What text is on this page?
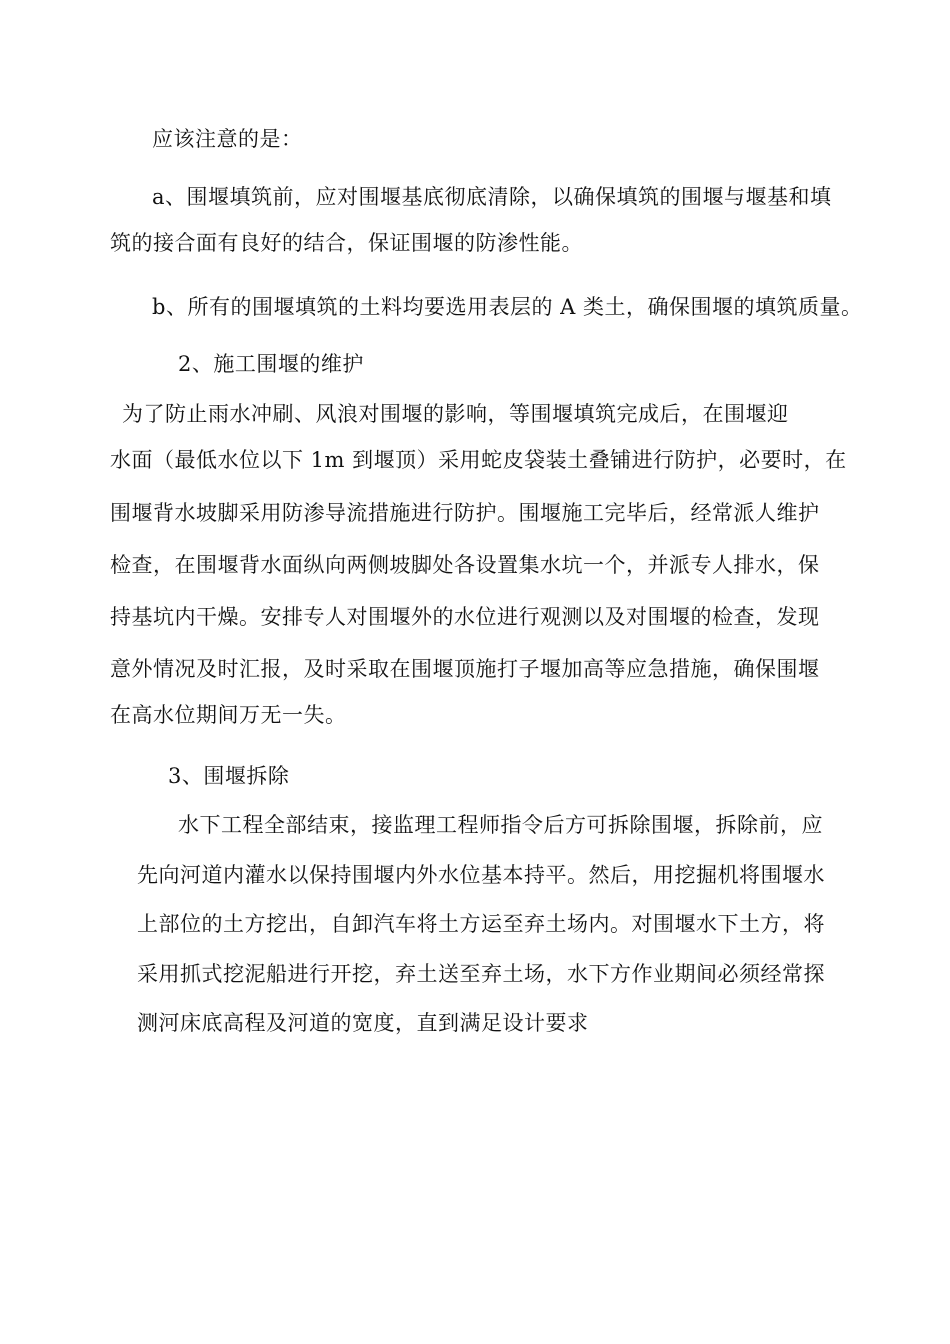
应该注意的是：
a、围堰填筑前，应对围堰基底彻底清除，以确保填筑的围堰与堰基和填
筑的接合面有良好的结合，保证围堰的防渗性能。
b、所有的围堰填筑的土料均要选用表层的 A 类土，确保围堰的填筑质量。
2、施工围堰的维护
为了防止雨水冲刷、风浪对围堰的影响，等围堰填筑完成后，在围堰迎
水面（最低水位以下 1m 到堰顶）采用蛇皮袋装土叠铺进行防护，必要时，在
围堰背水坡脚采用防渗导流措施进行防护。围堰施工完毕后，经常派人维护
检查，在围堰背水面纵向两侧坡脚处各设置集水坑一个，并派专人排水，保
持基坑内干燥。安排专人对围堰外的水位进行观测以及对围堰的检查，发现
意外情况及时汇报，及时采取在围堰顶施打子堰加高等应急措施，确保围堰
在高水位期间万无一失。
3、围堰拆除
水下工程全部结束，接监理工程师指令后方可拆除围堰，拆除前，应
先向河道内灌水以保持围堰内外水位基本持平。然后，用挖掘机将围堰水
上部位的土方挖出，自卸汽车将土方运至弃土场内。对围堰水下土方，将
采用抓式挖泥船进行开挖，弃土送至弃土场，水下方作业期间必须经常探
测河床底高程及河道的宽度，直到满足设计要求
